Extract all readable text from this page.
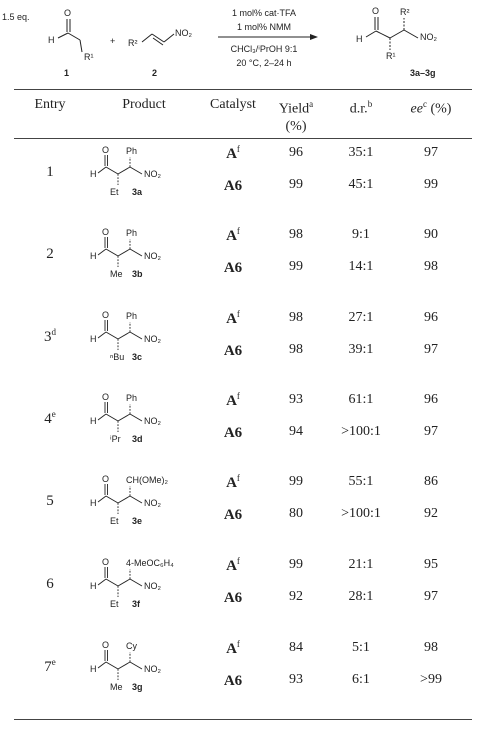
1.5 eq.	O
H
R¹
1
+ R²
NO₂
2
1 mol% cat·TFA
1 mol% NMM
CHCl₃/ⁱPrOH 9:1
20 °C, 2–24 h
O
H
R²
NO₂
R¹
3a–3g
Entry	Product	Catalyst	Yield$^a$
(%)
d.r.$^b$	$ee^c$ (%)
1
O
H
Ph
NO₂
Et 3a
$A^f$	96	35:1	97
A6	99	45:1	99
2
O
H
Ph
NO₂
Me 3b
$A^f$	98	9:1	90
A6	99	14:1	98
3$^d$
O
H
Ph
NO₂
ⁿBu 3c
$A^f$	98	27:1	96
A6	98	39:1	97
4e
O
H
Ph
NO₂
ⁱPr 3d
$A^f$	93	61:1	96
A6	94	>100:1	97
5
O
H
CH(OMe)₂
NO₂
Et 3e
$A^f$	99	55:1	86
A6	80	>100:1	92
6
O
H
4-MeOC₆H₄
NO₂
Et 3f
$A^f$	99	21:1	95
A6	92	28:1	97
7e
O
H
Cy
NO₂
Me 3g
$A^f$	84	5:1	98
A6	93	6:1	>99
